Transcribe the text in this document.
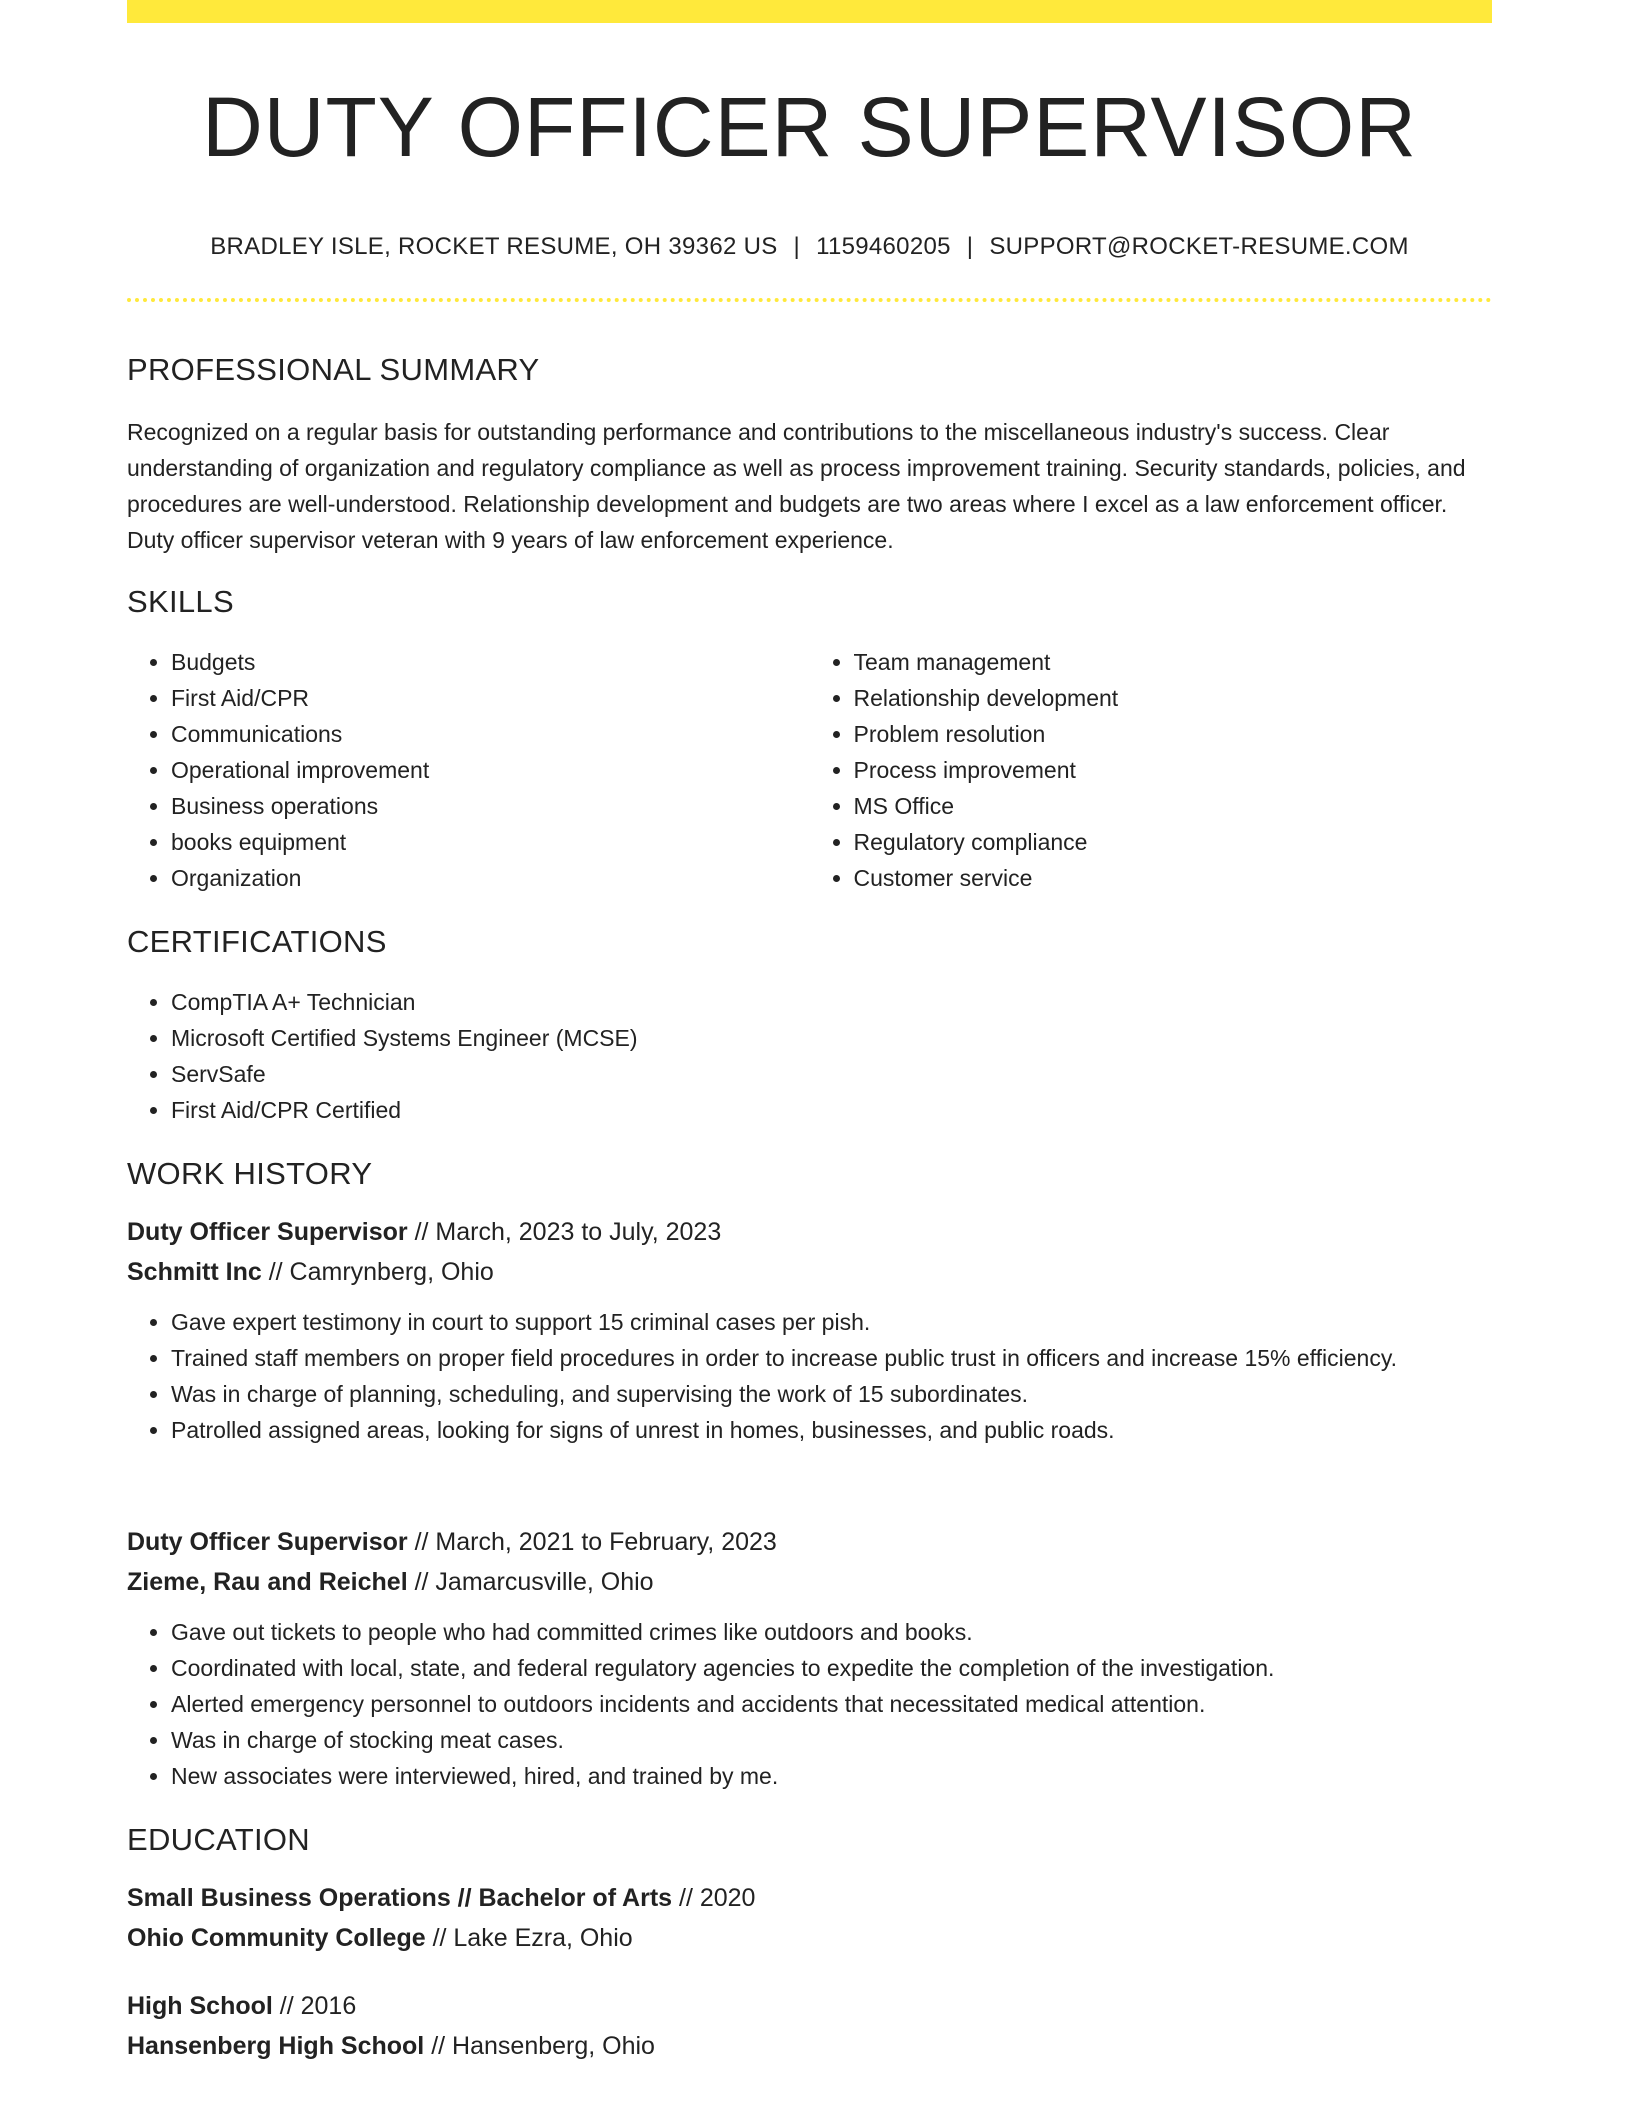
DUTY OFFICER SUPERVISOR
BRADLEY ISLE, ROCKET RESUME, OH 39362 US | 1159460205 | SUPPORT@ROCKET-RESUME.COM
PROFESSIONAL SUMMARY
Recognized on a regular basis for outstanding performance and contributions to the miscellaneous industry's success. Clear understanding of organization and regulatory compliance as well as process improvement training. Security standards, policies, and procedures are well-understood. Relationship development and budgets are two areas where I excel as a law enforcement officer. Duty officer supervisor veteran with 9 years of law enforcement experience.
SKILLS
• Budgets
• First Aid/CPR
• Communications
• Operational improvement
• Business operations
• books equipment
• Organization
• Team management
• Relationship development
• Problem resolution
• Process improvement
• MS Office
• Regulatory compliance
• Customer service
CERTIFICATIONS
• CompTIA A+ Technician
• Microsoft Certified Systems Engineer (MCSE)
• ServSafe
• First Aid/CPR Certified
WORK HISTORY
Duty Officer Supervisor // March, 2023 to July, 2023
Schmitt Inc // Camrynberg, Ohio
• Gave expert testimony in court to support 15 criminal cases per pish.
• Trained staff members on proper field procedures in order to increase public trust in officers and increase 15% efficiency.
• Was in charge of planning, scheduling, and supervising the work of 15 subordinates.
• Patrolled assigned areas, looking for signs of unrest in homes, businesses, and public roads.
Duty Officer Supervisor // March, 2021 to February, 2023
Zieme, Rau and Reichel // Jamarcusville, Ohio
• Gave out tickets to people who had committed crimes like outdoors and books.
• Coordinated with local, state, and federal regulatory agencies to expedite the completion of the investigation.
• Alerted emergency personnel to outdoors incidents and accidents that necessitated medical attention.
• Was in charge of stocking meat cases.
• New associates were interviewed, hired, and trained by me.
EDUCATION
Small Business Operations // Bachelor of Arts // 2020
Ohio Community College // Lake Ezra, Ohio
High School // 2016
Hansenberg High School // Hansenberg, Ohio
